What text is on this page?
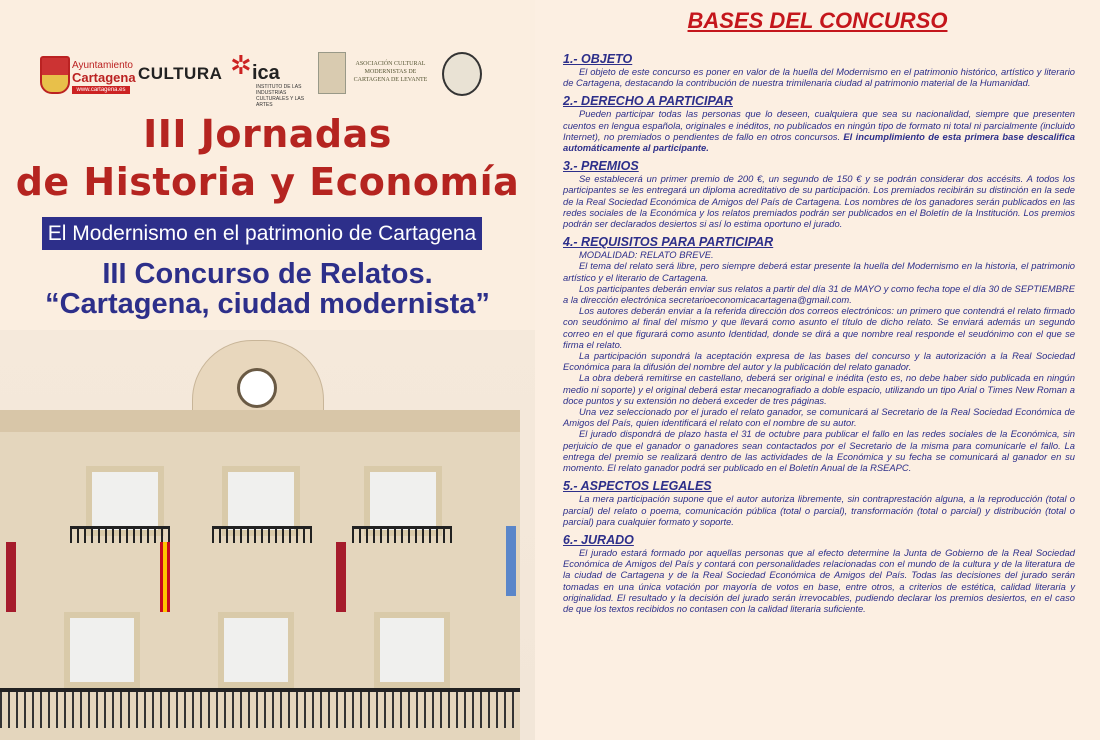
Ayuntamiento
Cartagena
www.cartagena.es
CULTURA ✲ ica
INSTITUTO DE LAS INDUSTRIAS CULTURALES Y LAS ARTES
ASOCIACIÓN CULTURAL MODERNISTAS DE CARTAGENA DE LEVANTE
III Jornadas
de Historia y Economía
El Modernismo en el patrimonio de Cartagena
III Concurso de Relatos.
“Cartagena, ciudad modernista”
BASES DEL CONCURSO
1.- OBJETO

El objeto de este concurso es poner en valor de la huella del Modernismo en el patrimonio histórico, artístico y literario de Cartagena, destacando la contribución de nuestra trimilenaria ciudad al patrimonio material de la Humanidad.

2.- DERECHO A PARTICIPAR

Pueden participar todas las personas que lo deseen, cualquiera que sea su nacionalidad, siempre que presenten cuentos en lengua española, originales e inéditos, no publicados en ningún tipo de formato ni total ni parcialmente (incluido Internet), no premiados o pendientes de fallo en otros concursos. El incumplimiento de esta primera base descalifica automáticamente al participante.

3.- PREMIOS

Se establecerá un primer premio de 200 €, un segundo de 150 € y se podrán considerar dos accésits. A todos los participantes se les entregará un diploma acreditativo de su participación. Los premiados recibirán su distinción en la sede de la Real Sociedad Económica de Amigos del País de Cartagena. Los nombres de los ganadores serán publicados en las redes sociales de la Económica y los relatos premiados podrán ser publicados en el Boletín de la Institución. Los premios podrán ser declarados desiertos si así lo estima oportuno el jurado.

4.- REQUISITOS PARA PARTICIPAR

MODALIDAD: RELATO BREVE.

El tema del relato será libre, pero siempre deberá estar presente la huella del Modernismo en la historia, el patrimonio artístico y el literario de Cartagena.

Los participantes deberán enviar sus relatos a partir del día 31 de MAYO y como fecha tope el día 30 de SEPTIEMBRE a la dirección electrónica secretarioeconomicacartagena@gmail.com.

Los autores deberán enviar a la referida dirección dos correos electrónicos: un primero que contendrá el relato firmado con seudónimo al final del mismo y que llevará como asunto el título de dicho relato. Se enviará además un segundo correo en el que figurará como asunto Identidad, donde se dirá a que nombre real responde el seudónimo con el que se firma el relato.

La participación supondrá la aceptación expresa de las bases del concurso y la autorización a la Real Sociedad Económica para la difusión del nombre del autor y la publicación del relato ganador.

La obra deberá remitirse en castellano, deberá ser original e inédita (esto es, no debe haber sido publicada en ningún medio ni soporte) y el original deberá estar mecanografiado a doble espacio, utilizando un tipo Arial o Times New Roman a doce puntos y su extensión no deberá exceder de tres páginas.

Una vez seleccionado por el jurado el relato ganador, se comunicará al Secretario de la Real Sociedad Económica de Amigos del País, quien identificará el relato con el nombre de su autor.

El jurado dispondrá de plazo hasta el 31 de octubre para publicar el fallo en las redes sociales de la Económica, sin perjuicio de que el ganador o ganadores sean contactados por el Secretario de la misma para comunicarle el fallo. La entrega del premio se realizará dentro de las actividades de la Económica y su fecha se comunicará al ganador en su momento. El relato ganador podrá ser publicado en el Boletín Anual de la RSEAPC.

5.- ASPECTOS LEGALES

La mera participación supone que el autor autoriza libremente, sin contraprestación alguna, a la reproducción (total o parcial) del relato o poema, comunicación pública (total o parcial), transformación (total o parcial) y distribución (total o parcial) para cualquier formato y soporte.

6.- JURADO

El jurado estará formado por aquellas personas que al efecto determine la Junta de Gobierno de la Real Sociedad Económica de Amigos del País y contará con personalidades relacionadas con el mundo de la cultura y de la literatura de la ciudad de Cartagena y de la Real Sociedad Económica de Amigos del País. Todas las decisiones del jurado serán tomadas en una única votación por mayoría de votos en base, entre otros, a criterios de estética, calidad literaria y originalidad. El resultado y la decisión del jurado serán irrevocables, pudiendo declarar los premios desiertos, en el caso de que los textos recibidos no contasen con la calidad literaria suficiente.
